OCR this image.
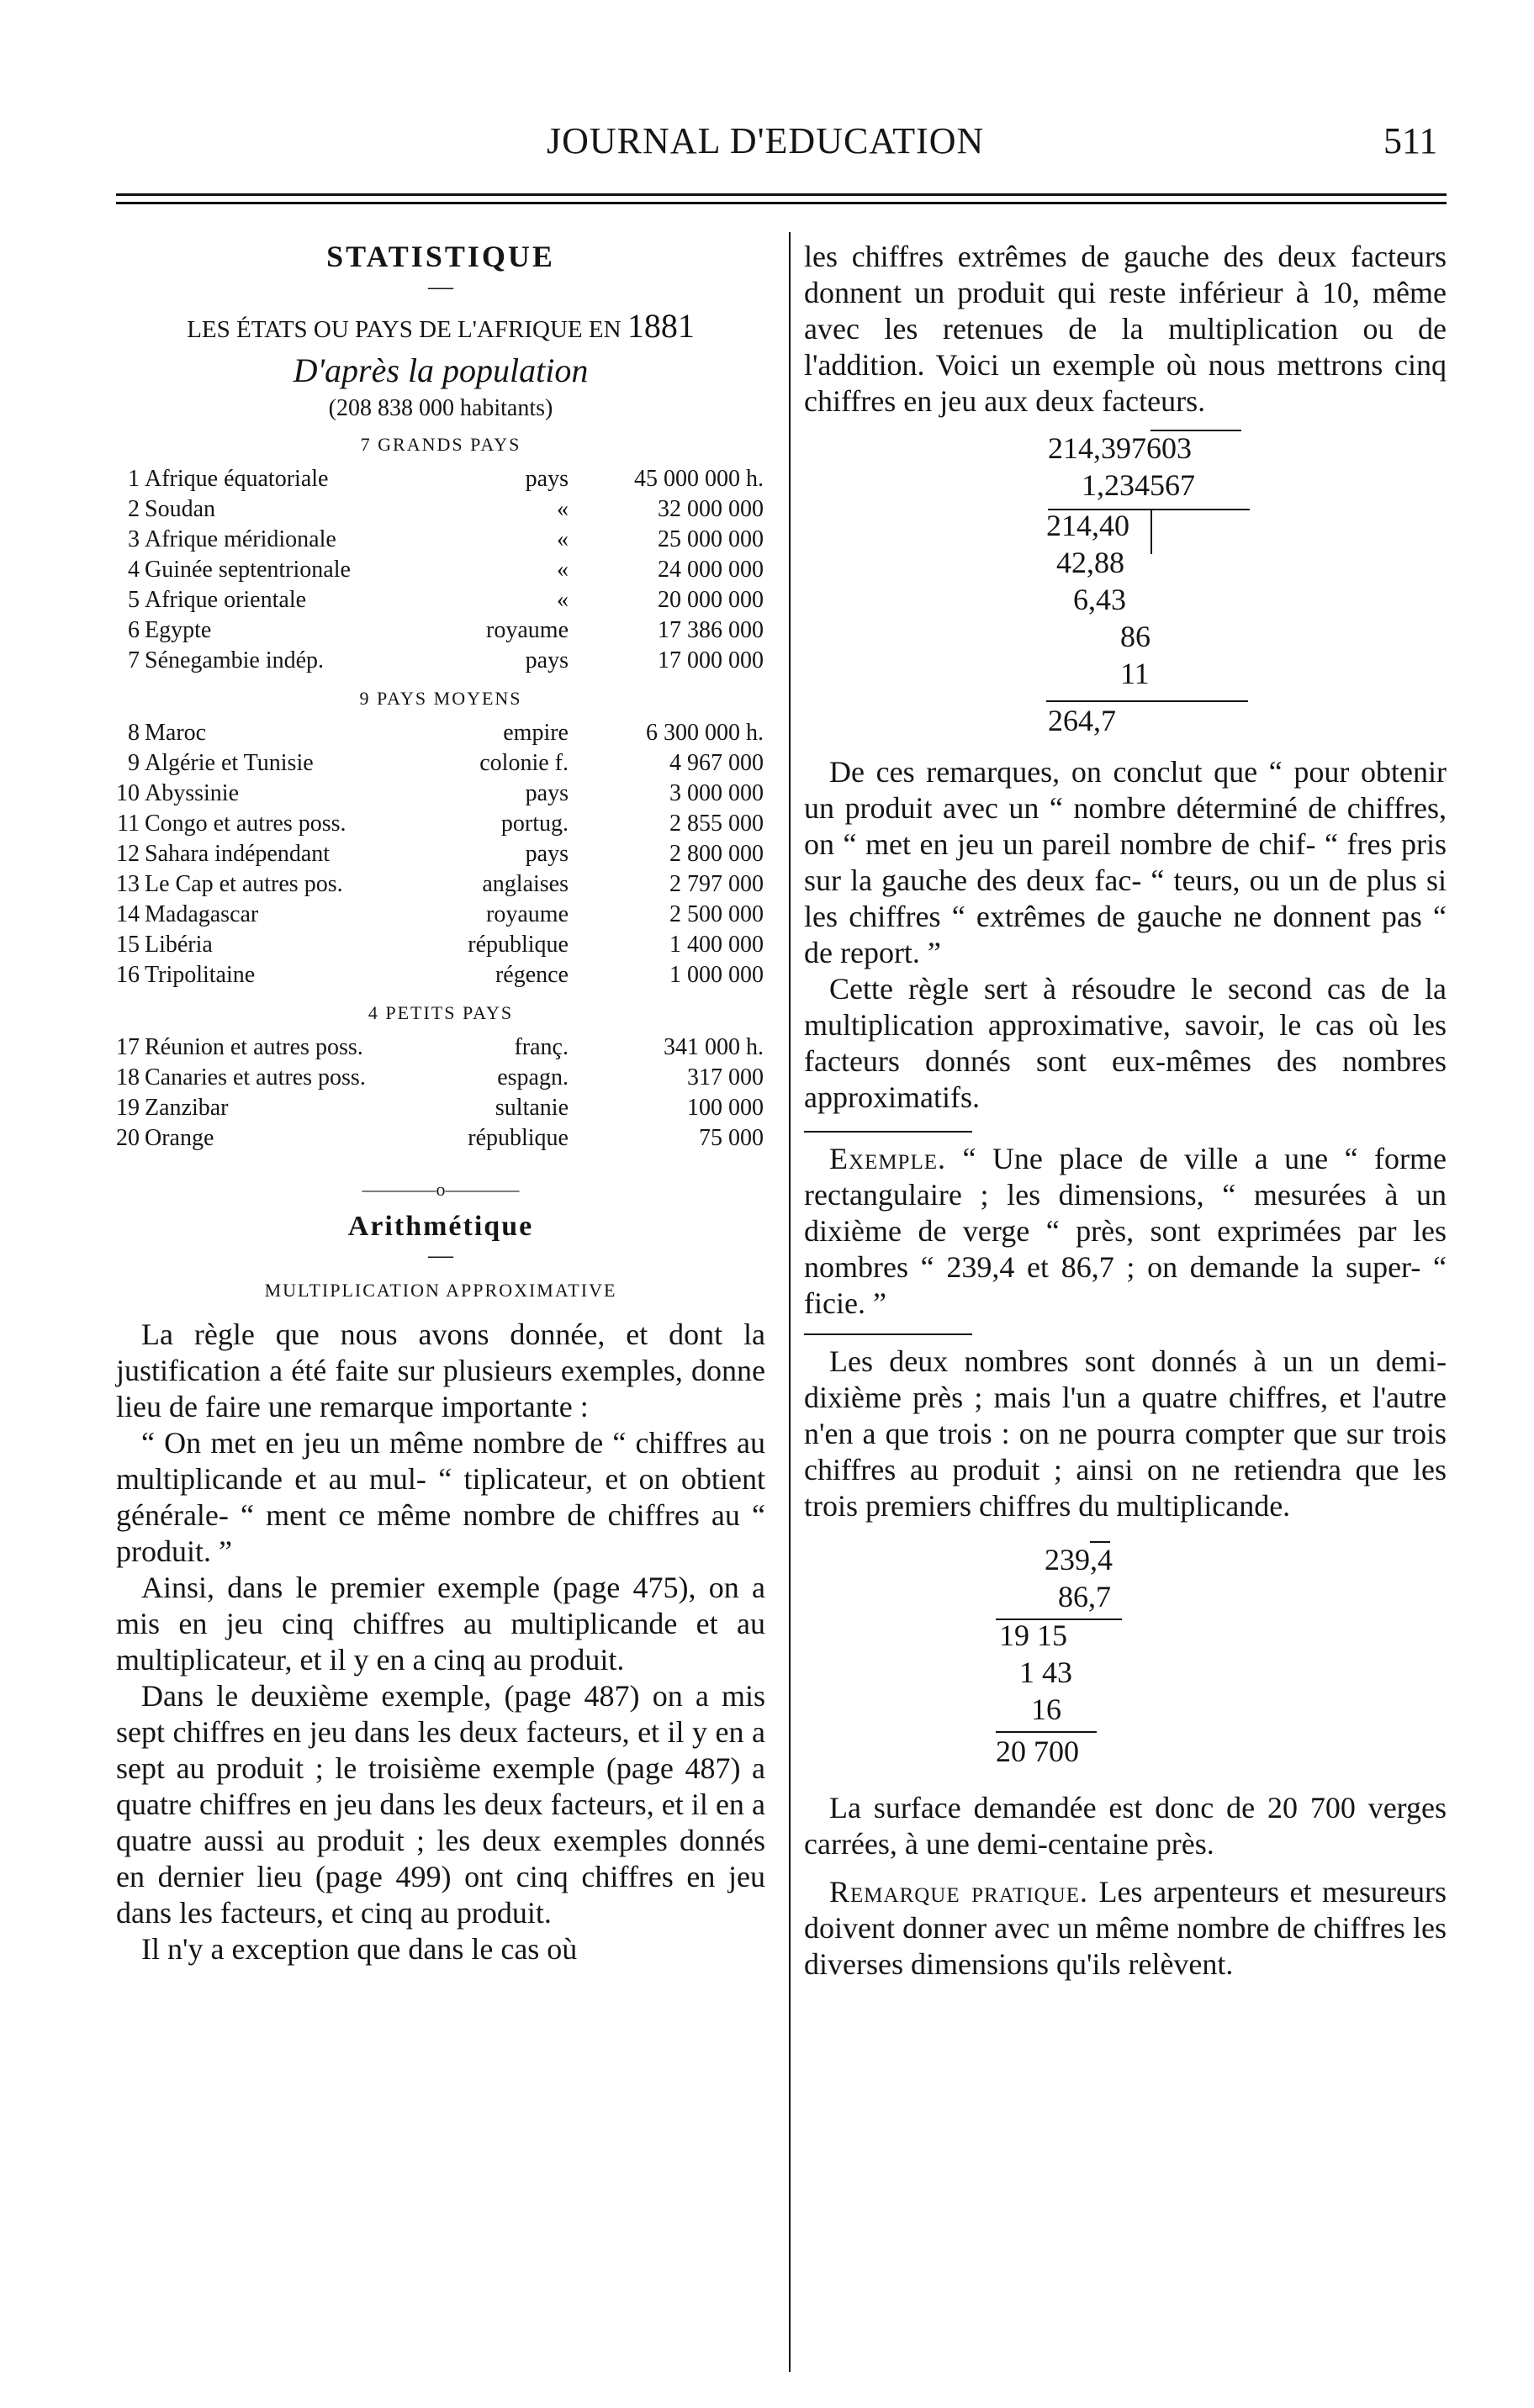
JOURNAL D'EDUCATION	511
STATISTIQUE
—
LES ÉTATS OU PAYS DE L'AFRIQUE EN 1881
D'après la population
(208 838 000 habitants)
7 GRANDS PAYS
1	Afrique équatoriale	pays	45 000 000 h.
2	Soudan	«	32 000 000
3	Afrique méridionale	«	25 000 000
4	Guinée septentrionale	«	24 000 000
5	Afrique orientale	«	20 000 000
6	Egypte	royaume	17 386 000
7	Sénegambie indép.	pays	17 000 000
9 PAYS MOYENS
8	Maroc	empire	6 300 000 h.
9	Algérie et Tunisie	colonie f.	4 967 000
10	Abyssinie	pays	3 000 000
11	Congo et autres poss.	portug.	2 855 000
12	Sahara indépendant	pays	2 800 000
13	Le Cap et autres pos.	anglaises	2 797 000
14	Madagascar	royaume	2 500 000
15	Libéria	république	1 400 000
16	Tripolitaine	régence	1 000 000
4 PETITS PAYS
17	Réunion et autres poss.	franç.	341 000 h.
18	Canaries et autres poss.	espagn.	317 000
19	Zanzibar	sultanie	100 000
20	Orange	république	75 000
————o————
Arithmétique
—
MULTIPLICATION APPROXIMATIVE

La règle que nous avons donnée, et dont la justification a été faite sur plusieurs exemples, donne lieu de faire une remarque importante :

“ On met en jeu un même nombre de “ chiffres au multiplicande et au mul- “ tiplicateur, et on obtient générale- “ ment ce même nombre de chiffres au “ produit. ”

Ainsi, dans le premier exemple (page 475), on a mis en jeu cinq chiffres au multiplicande et au multiplicateur, et il y en a cinq au produit.

Dans le deuxième exemple, (page 487) on a mis sept chiffres en jeu dans les deux facteurs, et il y en a sept au produit ; le troisième exemple (page 487) a quatre chiffres en jeu dans les deux facteurs, et il en a quatre aussi au produit ; les deux exemples donnés en dernier lieu (page 499) ont cinq chiffres en jeu dans les facteurs, et cinq au produit.

Il n'y a exception que dans le cas où

les chiffres extrêmes de gauche des deux facteurs donnent un produit qui reste inférieur à 10, même avec les retenues de la multiplication ou de l'addition. Voici un exemple où nous mettrons cinq chiffres en jeu aux deux facteurs.

214,397603
1,234567
214,40
42,88
6,43
86
11
264,7

De ces remarques, on conclut que “ pour obtenir un produit avec un “ nombre déterminé de chiffres, on “ met en jeu un pareil nombre de chif- “ fres pris sur la gauche des deux fac- “ teurs, ou un de plus si les chiffres “ extrêmes de gauche ne donnent pas “ de report. ”

Cette règle sert à résoudre le second cas de la multiplication approximative, savoir, le cas où les facteurs donnés sont eux-mêmes des nombres approximatifs.

Exemple. “ Une place de ville a une “ forme rectangulaire ; les dimensions, “ mesurées à un dixième de verge “ près, sont exprimées par les nombres “ 239,4 et 86,7 ; on demande la super- “ ficie. ”

Les deux nombres sont donnés à un un demi-dixième près ; mais l'un a quatre chiffres, et l'autre n'en a que trois : on ne pourra compter que sur trois chiffres au produit ; ainsi on ne retiendra que les trois premiers chiffres du multiplicande.

239,4
86,7
19 15
1 43
16
20 700

La surface demandée est donc de 20 700 verges carrées, à une demi-centaine près.

Remarque pratique. Les arpenteurs et mesureurs doivent donner avec un même nombre de chiffres les diverses dimensions qu'ils relèvent.
